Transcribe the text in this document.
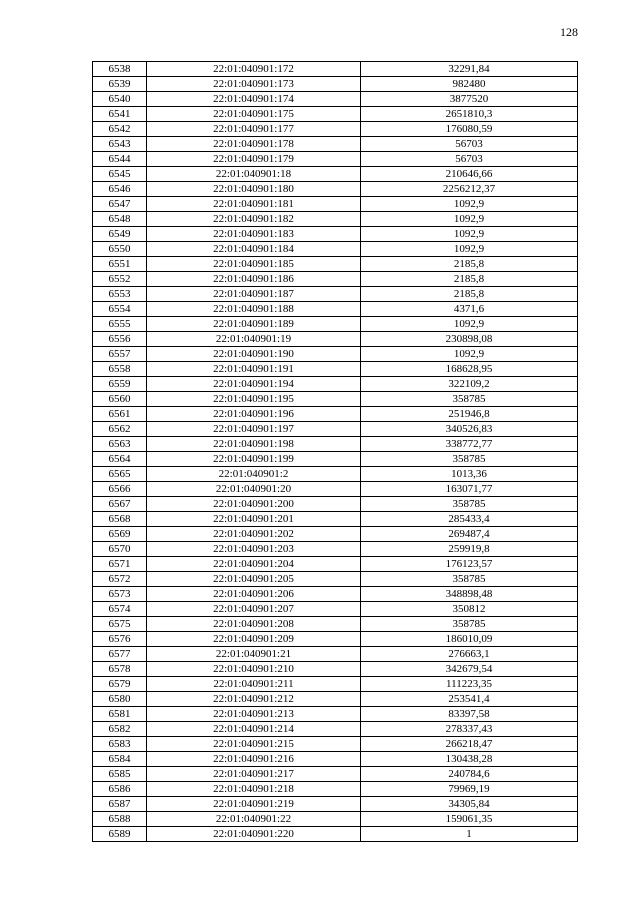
128
6538	22:01:040901:172	32291,84
6539	22:01:040901:173	982480
6540	22:01:040901:174	3877520
6541	22:01:040901:175	2651810,3
6542	22:01:040901:177	176080,59
6543	22:01:040901:178	56703
6544	22:01:040901:179	56703
6545	22:01:040901:18	210646,66
6546	22:01:040901:180	2256212,37
6547	22:01:040901:181	1092,9
6548	22:01:040901:182	1092,9
6549	22:01:040901:183	1092,9
6550	22:01:040901:184	1092,9
6551	22:01:040901:185	2185,8
6552	22:01:040901:186	2185,8
6553	22:01:040901:187	2185,8
6554	22:01:040901:188	4371,6
6555	22:01:040901:189	1092,9
6556	22:01:040901:19	230898,08
6557	22:01:040901:190	1092,9
6558	22:01:040901:191	168628,95
6559	22:01:040901:194	322109,2
6560	22:01:040901:195	358785
6561	22:01:040901:196	251946,8
6562	22:01:040901:197	340526,83
6563	22:01:040901:198	338772,77
6564	22:01:040901:199	358785
6565	22:01:040901:2	1013,36
6566	22:01:040901:20	163071,77
6567	22:01:040901:200	358785
6568	22:01:040901:201	285433,4
6569	22:01:040901:202	269487,4
6570	22:01:040901:203	259919,8
6571	22:01:040901:204	176123,57
6572	22:01:040901:205	358785
6573	22:01:040901:206	348898,48
6574	22:01:040901:207	350812
6575	22:01:040901:208	358785
6576	22:01:040901:209	186010,09
6577	22:01:040901:21	276663,1
6578	22:01:040901:210	342679,54
6579	22:01:040901:211	111223,35
6580	22:01:040901:212	253541,4
6581	22:01:040901:213	83397,58
6582	22:01:040901:214	278337,43
6583	22:01:040901:215	266218,47
6584	22:01:040901:216	130438,28
6585	22:01:040901:217	240784,6
6586	22:01:040901:218	79969,19
6587	22:01:040901:219	34305,84
6588	22:01:040901:22	159061,35
6589	22:01:040901:220	1
